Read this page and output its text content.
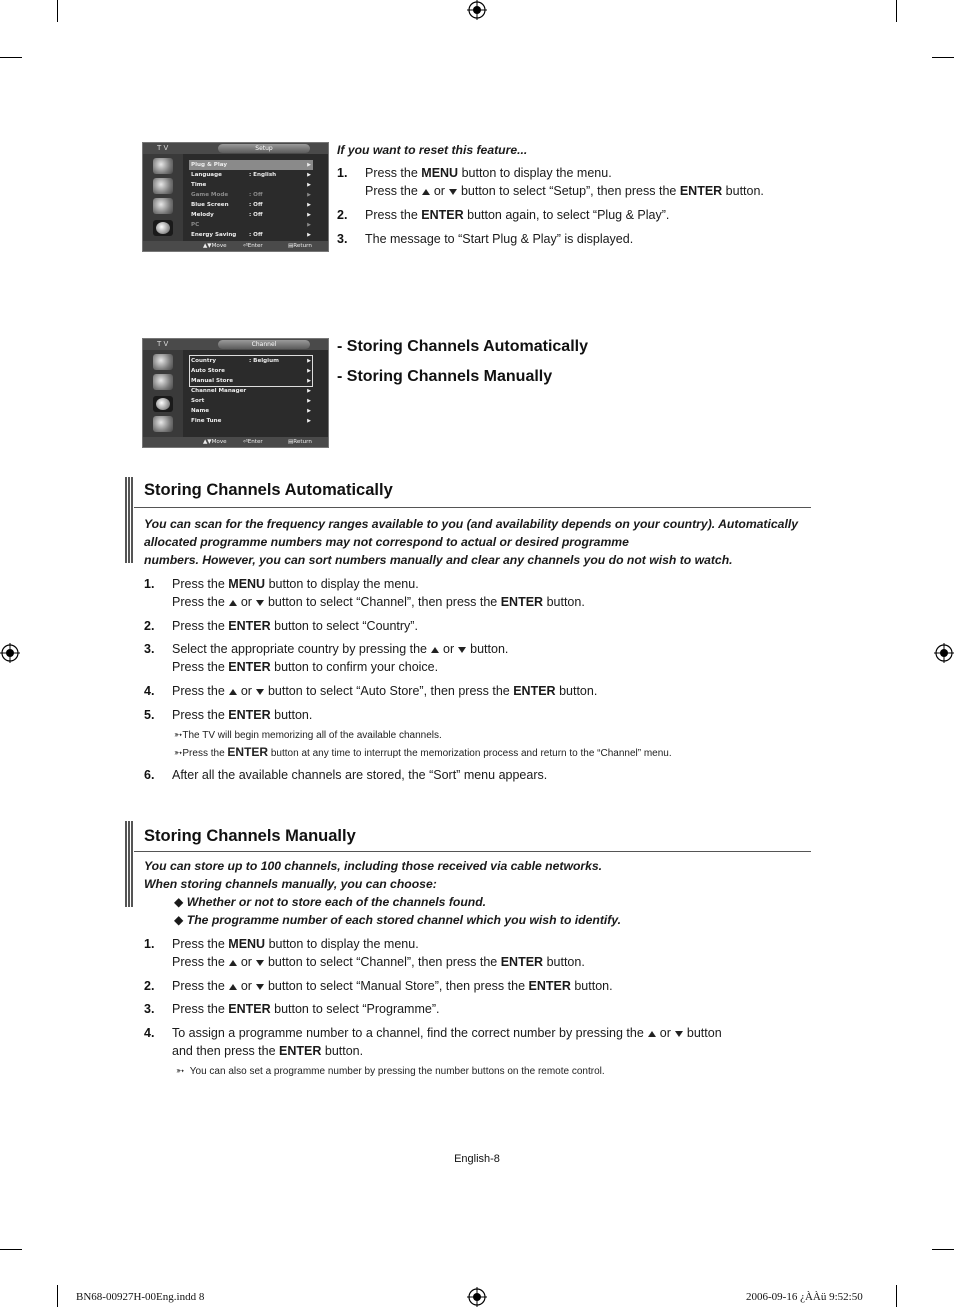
T V	Setup
Plug & Play	▶
Language	: English	▶
Time	▶
Game Mode	: Off	▶
Blue Screen	: Off	▶
Melody	: Off	▶
PC	▶
Energy Saving : Off	▶
▲▼Move	⏎Enter	▤Return
T V	Channel
Country	: Belgium	▶
Auto Store	▶
Manual Store	▶
Channel Manager	▶
Sort	▶
Name	▶
Fine Tune	▶
▲▼Move	⏎Enter	▤Return
If you want to reset this feature...
1. Press the MENU button to display the menu.
Press the or button to select “Setup”, then press the ENTER button.
2. Press the ENTER button again, to select “Plug & Play”.
3. The message to “Start Plug & Play” is displayed.
- Storing Channels Automatically
- Storing Channels Manually
Storing Channels Automatically
You can scan for the frequency ranges available to you (and availability depends on your country). Automatically
allocated programme numbers may not correspond to actual or desired programme
numbers. However, you can sort numbers manually and clear any channels you do not wish to watch.
1. Press the MENU button to display the menu.
Press the or button to select “Channel”, then press the ENTER button.
2. Press the ENTER button to select “Country”.
3. Select the appropriate country by pressing the or button.
Press the ENTER button to confirm your choice.
4. Press the or button to select “Auto Store”, then press the ENTER button.
5. Press the ENTER button.
➳The TV will begin memorizing all of the available channels.
➳Press the ENTER button at any time to interrupt the memorization process and return to the “Channel” menu.
6. After all the available channels are stored, the “Sort” menu appears.
Storing Channels Manually
You can store up to 100 channels, including those received via cable networks.
When storing channels manually, you can choose:
◆ Whether or not to store each of the channels found.
◆ The programme number of each stored channel which you wish to identify.
1. Press the MENU button to display the menu.
Press the or button to select “Channel”, then press the ENTER button.
2. Press the or button to select “Manual Store”, then press the ENTER button.
3. Press the ENTER button to select “Programme”.
4. To assign a programme number to a channel, find the correct number by pressing the or button
and then press the ENTER button.
➳ You can also set a programme number by pressing the number buttons on the remote control.
English-8
BN68-00927H-00Eng.indd 8	2006-09-16 ¿ÀÀü 9:52:50
